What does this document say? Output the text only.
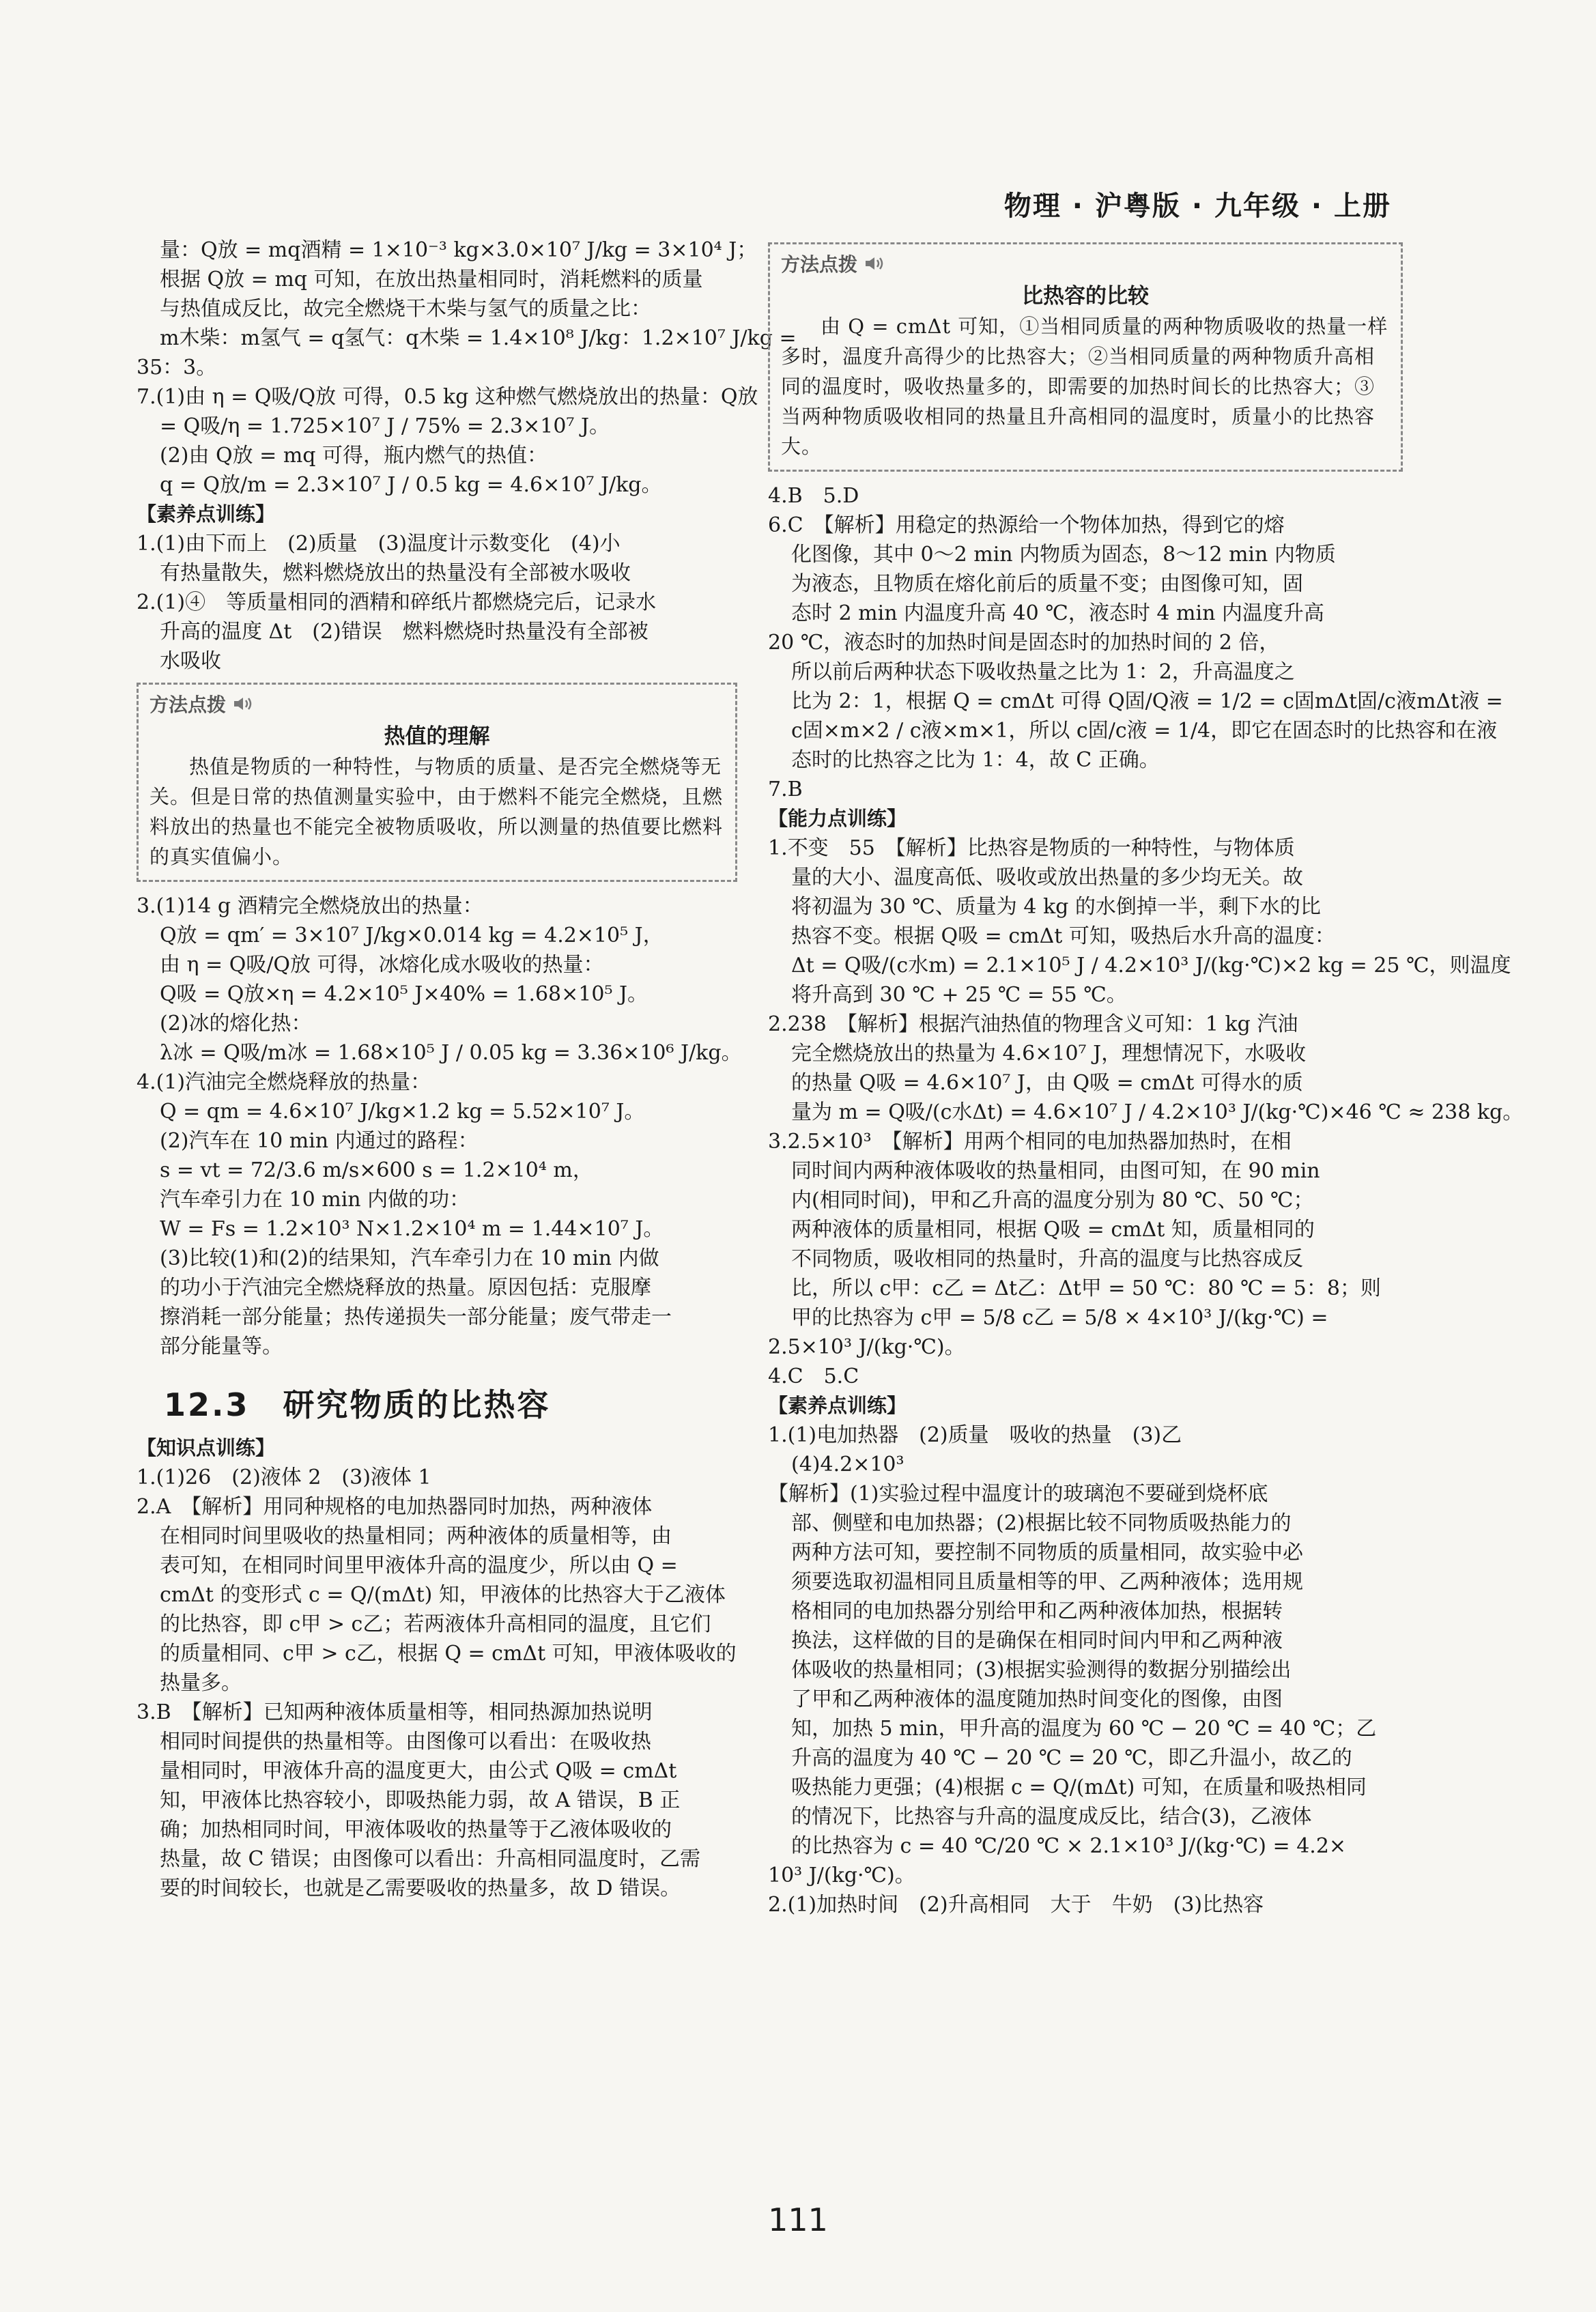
物理 · 沪粤版 · 九年级 · 上册
量：Q放 = mq酒精 = 1×10⁻³ kg×3.0×10⁷ J/kg = 3×10⁴ J；
根据 Q放 = mq 可知，在放出热量相同时，消耗燃料的质量
与热值成反比，故完全燃烧干木柴与氢气的质量之比：
m木柴：m氢气 = q氢气：q木柴 = 1.4×10⁸ J/kg：1.2×10⁷ J/kg =
35：3。
7.(1)由 η = Q吸/Q放 可得，0.5 kg 这种燃气燃烧放出的热量：Q放
= Q吸/η = 1.725×10⁷ J / 75% = 2.3×10⁷ J。
(2)由 Q放 = mq 可得，瓶内燃气的热值：
q = Q放/m = 2.3×10⁷ J / 0.5 kg = 4.6×10⁷ J/kg。
【素养点训练】
1.(1)由下而上　(2)质量　(3)温度计示数变化　(4)小
有热量散失，燃料燃烧放出的热量没有全部被水吸收
2.(1)④　等质量相同的酒精和碎纸片都燃烧完后，记录水
升高的温度 Δt　(2)错误　燃料燃烧时热量没有全部被
水吸收
方法点拨
热值的理解
热值是物质的一种特性，与物质的质量、是否完全燃烧等无关。但是日常的热值测量实验中，由于燃料不能完全燃烧，且燃料放出的热量也不能完全被物质吸收，所以测量的热值要比燃料的真实值偏小。
3.(1)14 g 酒精完全燃烧放出的热量：
Q放 = qm′ = 3×10⁷ J/kg×0.014 kg = 4.2×10⁵ J，
由 η = Q吸/Q放 可得，冰熔化成水吸收的热量：
Q吸 = Q放×η = 4.2×10⁵ J×40% = 1.68×10⁵ J。
(2)冰的熔化热：
λ冰 = Q吸/m冰 = 1.68×10⁵ J / 0.05 kg = 3.36×10⁶ J/kg。
4.(1)汽油完全燃烧释放的热量：
Q = qm = 4.6×10⁷ J/kg×1.2 kg = 5.52×10⁷ J。
(2)汽车在 10 min 内通过的路程：
s = vt = 72/3.6 m/s×600 s = 1.2×10⁴ m，
汽车牵引力在 10 min 内做的功：
W = Fs = 1.2×10³ N×1.2×10⁴ m = 1.44×10⁷ J。
(3)比较(1)和(2)的结果知，汽车牵引力在 10 min 内做
的功小于汽油完全燃烧释放的热量。原因包括：克服摩
擦消耗一部分能量；热传递损失一部分能量；废气带走一
部分能量等。
12.3　研究物质的比热容
【知识点训练】
1.(1)26　(2)液体 2　(3)液体 1
2.A　【解析】用同种规格的电加热器同时加热，两种液体
在相同时间里吸收的热量相同；两种液体的质量相等，由
表可知，在相同时间里甲液体升高的温度少，所以由 Q =
cmΔt 的变形式 c = Q/(mΔt) 知，甲液体的比热容大于乙液体
的比热容，即 c甲 > c乙；若两液体升高相同的温度，且它们
的质量相同、c甲 > c乙，根据 Q = cmΔt 可知，甲液体吸收的
热量多。
3.B　【解析】已知两种液体质量相等，相同热源加热说明
相同时间提供的热量相等。由图像可以看出：在吸收热
量相同时，甲液体升高的温度更大，由公式 Q吸 = cmΔt
知，甲液体比热容较小，即吸热能力弱，故 A 错误，B 正
确；加热相同时间，甲液体吸收的热量等于乙液体吸收的
热量，故 C 错误；由图像可以看出：升高相同温度时，乙需
要的时间较长，也就是乙需要吸收的热量多，故 D 错误。
方法点拨
比热容的比较
由 Q = cmΔt 可知，①当相同质量的两种物质吸收的热量一样多时，温度升高得少的比热容大；②当相同质量的两种物质升高相同的温度时，吸收热量多的，即需要的加热时间长的比热容大；③当两种物质吸收相同的热量且升高相同的温度时，质量小的比热容大。
4.B　5.D
6.C　【解析】用稳定的热源给一个物体加热，得到它的熔
化图像，其中 0～2 min 内物质为固态，8～12 min 内物质
为液态，且物质在熔化前后的质量不变；由图像可知，固
态时 2 min 内温度升高 40 ℃，液态时 4 min 内温度升高
20 ℃，液态时的加热时间是固态时的加热时间的 2 倍，
所以前后两种状态下吸收热量之比为 1：2，升高温度之
比为 2：1，根据 Q = cmΔt 可得 Q固/Q液 = 1/2 = c固mΔt固/c液mΔt液 =
c固×m×2 / c液×m×1，所以 c固/c液 = 1/4，即它在固态时的比热容和在液
态时的比热容之比为 1：4，故 C 正确。
7.B
【能力点训练】
1.不变　55　【解析】比热容是物质的一种特性，与物体质
量的大小、温度高低、吸收或放出热量的多少均无关。故
将初温为 30 ℃、质量为 4 kg 的水倒掉一半，剩下水的比
热容不变。根据 Q吸 = cmΔt 可知，吸热后水升高的温度：
Δt = Q吸/(c水m) = 2.1×10⁵ J / 4.2×10³ J/(kg·℃)×2 kg = 25 ℃，则温度
将升高到 30 ℃ + 25 ℃ = 55 ℃。
2.238　【解析】根据汽油热值的物理含义可知：1 kg 汽油
完全燃烧放出的热量为 4.6×10⁷ J，理想情况下，水吸收
的热量 Q吸 = 4.6×10⁷ J，由 Q吸 = cmΔt 可得水的质
量为 m = Q吸/(c水Δt) = 4.6×10⁷ J / 4.2×10³ J/(kg·℃)×46 ℃ ≈ 238 kg。
3.2.5×10³　【解析】用两个相同的电加热器加热时，在相
同时间内两种液体吸收的热量相同，由图可知，在 90 min
内(相同时间)，甲和乙升高的温度分别为 80 ℃、50 ℃；
两种液体的质量相同，根据 Q吸 = cmΔt 知，质量相同的
不同物质，吸收相同的热量时，升高的温度与比热容成反
比，所以 c甲：c乙 = Δt乙：Δt甲 = 50 ℃：80 ℃ = 5：8；则
甲的比热容为 c甲 = 5/8 c乙 = 5/8 × 4×10³ J/(kg·℃) =
2.5×10³ J/(kg·℃)。
4.C　5.C
【素养点训练】
1.(1)电加热器　(2)质量　吸收的热量　(3)乙
(4)4.2×10³
【解析】(1)实验过程中温度计的玻璃泡不要碰到烧杯底
部、侧壁和电加热器；(2)根据比较不同物质吸热能力的
两种方法可知，要控制不同物质的质量相同，故实验中必
须要选取初温相同且质量相等的甲、乙两种液体；选用规
格相同的电加热器分别给甲和乙两种液体加热，根据转
换法，这样做的目的是确保在相同时间内甲和乙两种液
体吸收的热量相同；(3)根据实验测得的数据分别描绘出
了甲和乙两种液体的温度随加热时间变化的图像，由图
知，加热 5 min，甲升高的温度为 60 ℃ − 20 ℃ = 40 ℃；乙
升高的温度为 40 ℃ − 20 ℃ = 20 ℃，即乙升温小，故乙的
吸热能力更强；(4)根据 c = Q/(mΔt) 可知，在质量和吸热相同
的情况下，比热容与升高的温度成反比，结合(3)，乙液体
的比热容为 c = 40 ℃/20 ℃ × 2.1×10³ J/(kg·℃) = 4.2×
10³ J/(kg·℃)。
2.(1)加热时间　(2)升高相同　大于　牛奶　(3)比热容
111
